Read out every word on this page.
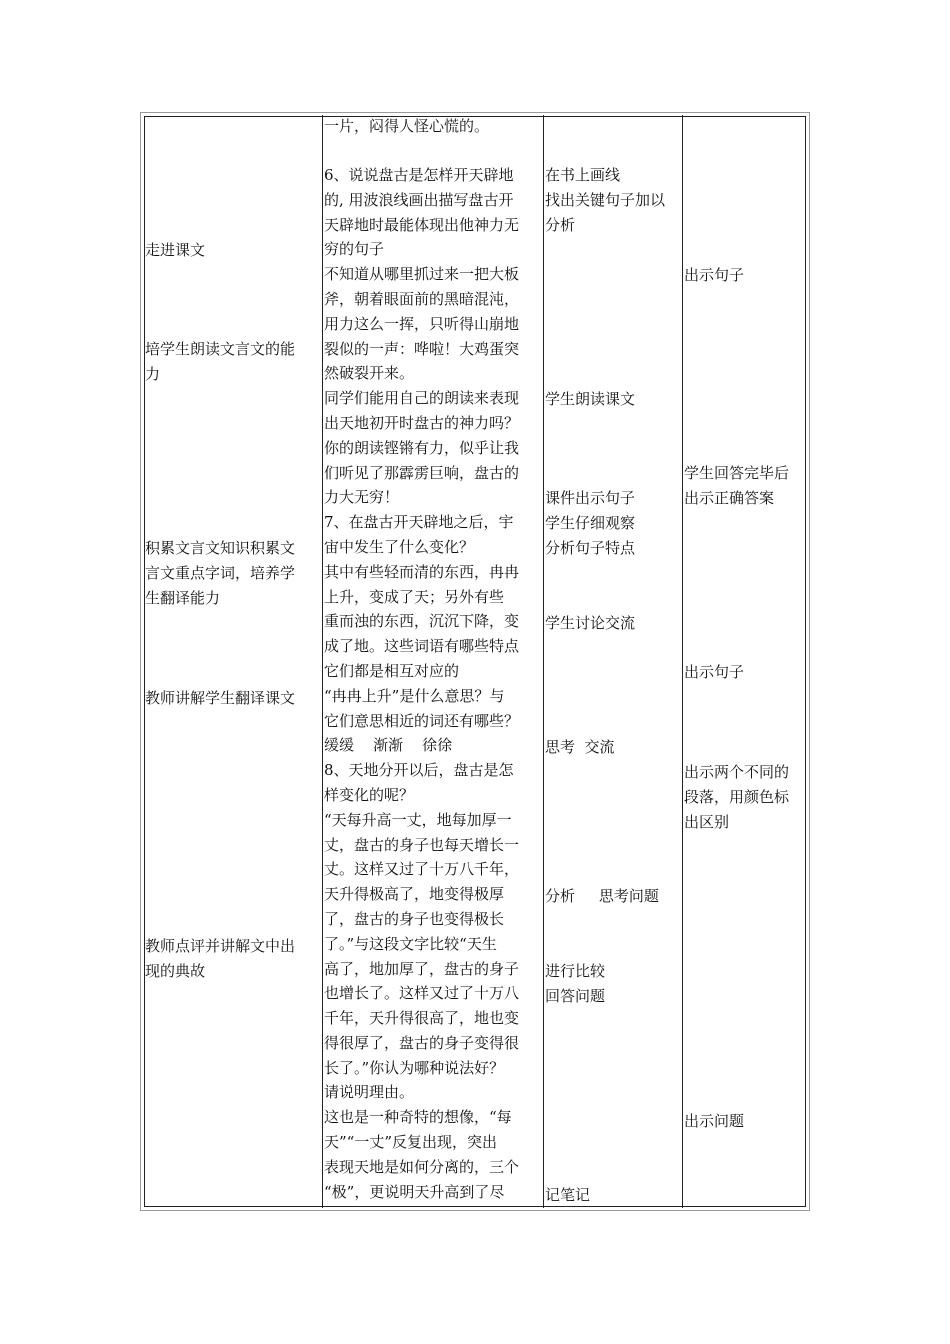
走进课文
培学生朗读文言文的能
力
积累文言文知识积累文
言文重点字词，培养学
生翻译能力
教师讲解学生翻译课文
教师点评并讲解文中出
现的典故
一片，闷得人怪心慌的。
6、说说盘古是怎样开天辟地
的, 用波浪线画出描写盘古开
天辟地时最能体现出他神力无
穷的句子
不知道从哪里抓过来一把大板
斧，朝着眼面前的黑暗混沌，
用力这么一挥，只听得山崩地
裂似的一声：哗啦！大鸡蛋突
然破裂开来。
同学们能用自己的朗读来表现
出天地初开时盘古的神力吗？
你的朗读铿锵有力，似乎让我
们听见了那霹雳巨响，盘古的
力大无穷！
7、在盘古开天辟地之后，宇
宙中发生了什么变化？
其中有些轻而清的东西，冉冉
上升，变成了天；另外有些
重而浊的东西，沉沉下降，变
成了地。这些词语有哪些特点
它们都是相互对应的
“冉冉上升”是什么意思？与
它们意思相近的词还有哪些？
缓缓    渐渐    徐徐
8、天地分开以后，盘古是怎
样变化的呢？
“天每升高一丈，地每加厚一
丈，盘古的身子也每天增长一
丈。这样又过了十万八千年，
天升得极高了，地变得极厚
了，盘古的身子也变得极长
了。”与这段文字比较“天生
高了，地加厚了，盘古的身子
也增长了。这样又过了十万八
千年，天升得很高了，地也变
得很厚了，盘古的身子变得很
长了。”你认为哪种说法好？
请说明理由。
这也是一种奇特的想像，“每
天”“一丈”反复出现，突出
表现天地是如何分离的，三个
“极”，更说明天升高到了尽
在书上画线
找出关键句子加以
分析
学生朗读课文
课件出示句子
学生仔细观察
分析句子特点
学生讨论交流
思考  交流
分析     思考问题
进行比较
回答问题
记笔记
出示句子
学生回答完毕后
出示正确答案
出示句子
出示两个不同的
段落，用颜色标
出区别
出示问题
